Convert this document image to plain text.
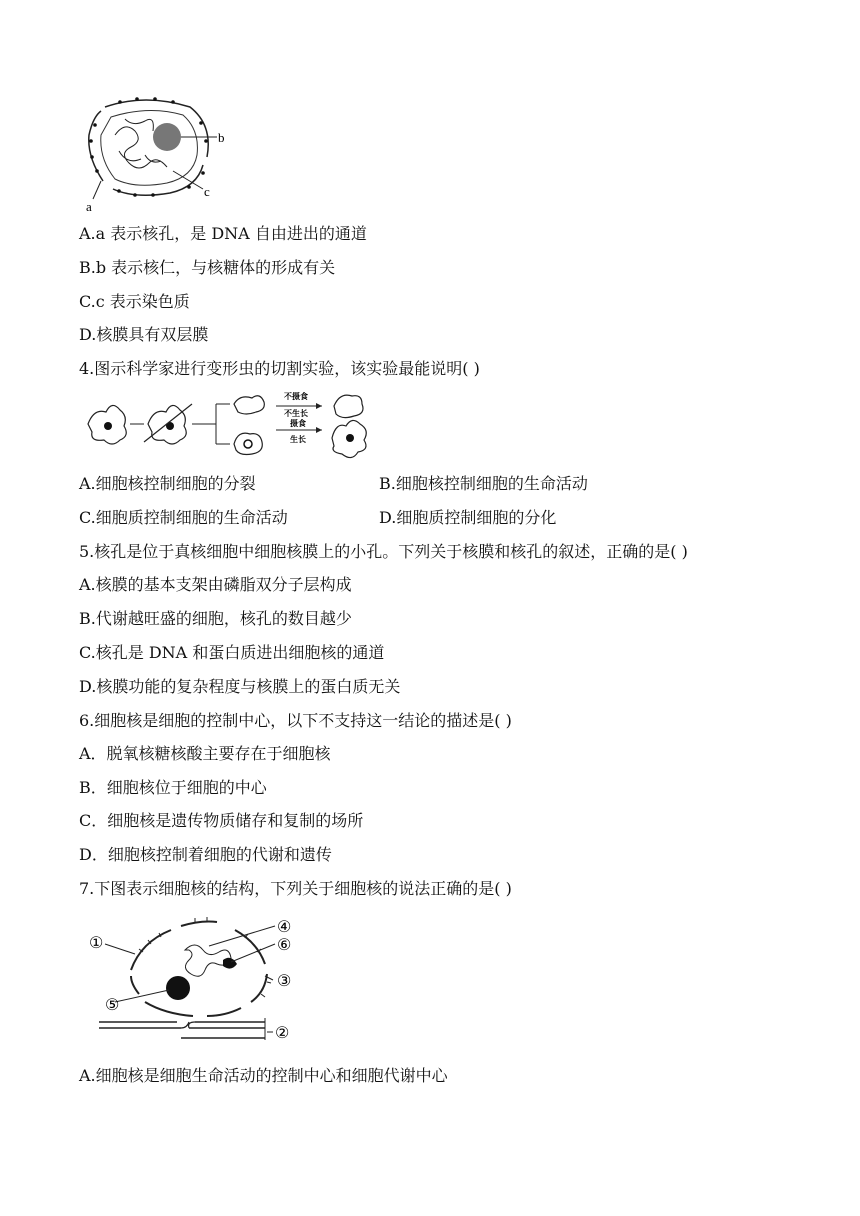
b
c
a
A.a 表示核孔，是 DNA 自由进出的通道
B.b 表示核仁，与核糖体的形成有关
C.c 表示染色质
D.核膜具有双层膜
4.图示科学家进行变形虫的切割实验，该实验最能说明( )
不摄食
不生长
摄食
生长
A.细胞核控制细胞的分裂	B.细胞核控制细胞的生命活动
C.细胞质控制细胞的生命活动	D.细胞质控制细胞的分化
5.核孔是位于真核细胞中细胞核膜上的小孔。下列关于核膜和核孔的叙述，正确的是( )
A.核膜的基本支架由磷脂双分子层构成
B.代谢越旺盛的细胞，核孔的数目越少
C.核孔是 DNA 和蛋白质进出细胞核的通道
D.核膜功能的复杂程度与核膜上的蛋白质无关
6.细胞核是细胞的控制中心，以下不支持这一结论的描述是( )
A．脱氧核糖核酸主要存在于细胞核
B．细胞核位于细胞的中心
C．细胞核是遗传物质储存和复制的场所
D．细胞核控制着细胞的代谢和遗传
7.下图表示细胞核的结构，下列关于细胞核的说法正确的是( )
①
②
③
④
⑤
⑥
A.细胞核是细胞生命活动的控制中心和细胞代谢中心
